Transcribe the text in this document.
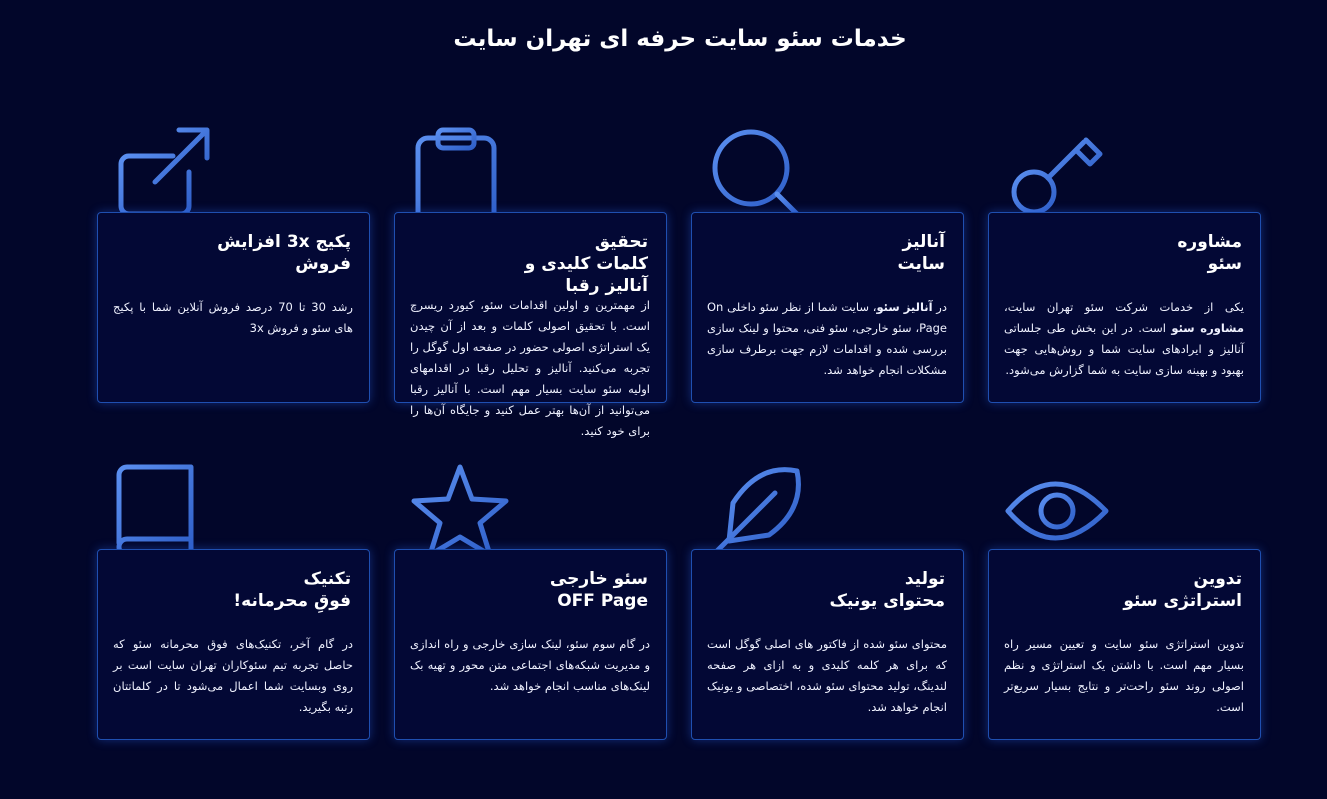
خدمات سئو سایت حرفه ای تهران سایت
مشاوره
سئو
یکی از خدمات شرکت سئو تهران سایت، مشاوره سئو است. در این بخش طی جلساتی آنالیز و ایرادهای سایت شما و روش‌هایی جهت بهبود و بهینه سازی سایت به شما گزارش می‌شود.
آنالیز
سایت
در آنالیز سئو، سایت شما از نظر سئو داخلی On Page، سئو خارجی، سئو فنی، محتوا و لینک سازی بررسی شده و اقدامات لازم جهت برطرف سازی مشکلات انجام خواهد شد.
تحقیق
کلمات کلیدی و
آنالیز رقبا
از مهمترین و اولین اقدامات سئو، کیورد ریسرچ است. با تحقیق اصولی کلمات و بعد از آن چیدن یک استراتژی اصولی حضور در صفحه اول گوگل را تجربه می‌کنید. آنالیز و تحلیل رقبا در اقدامهای اولیه سئو سایت بسیار مهم است. با آنالیز رقبا می‌توانید از آن‌ها بهتر عمل کنید و جایگاه آن‌ها را برای خود کنید.
پکیج 3x افزایش
فروش
رشد 30 تا 70 درصد فروش آنلاین شما با پکیج های سئو و فروش 3x
تدوین
استراتژی سئو
تدوین استراتژی سئو سایت و تعیین مسیر راه بسیار مهم است. با داشتن یک استراتژی و نظم اصولی روند سئو راحت‌تر و نتایج بسیار سریع‌تر است.
تولید
محتوای یونیک
محتوای سئو شده از فاکتور های اصلی گوگل است که برای هر کلمه کلیدی و به ازای هر صفحه لندینگ، تولید محتوای سئو شده، اختصاصی و یونیک انجام خواهد شد.
سئو خارجی
OFF Page
در گام سوم سئو، لینک سازی خارجی و راه اندازی و مدیریت شبکه‌های اجتماعی متن محور و تهیه بک لینک‌های مناسب انجام خواهد شد.
تکنیک
فوقِ محرمانه!
در گام آخر، تکنیک‌های فوق محرمانه سئو که حاصل تجربه تیم سئوکاران تهران سایت است بر روی وبسایت شما اعمال می‌شود تا در کلماتتان رتبه بگیرید.
